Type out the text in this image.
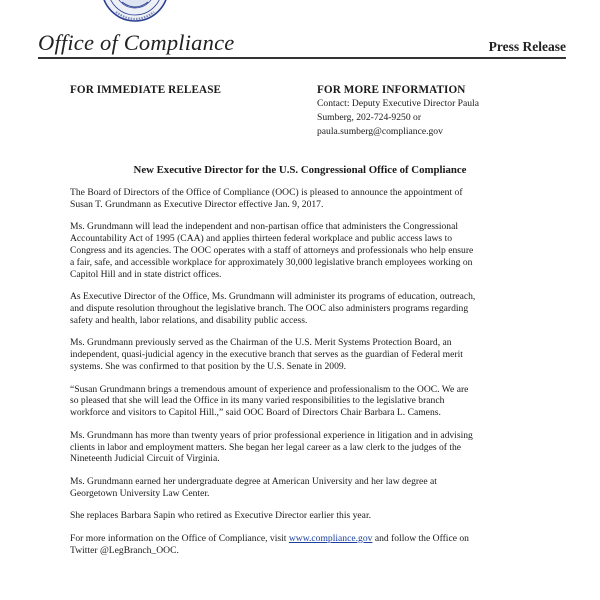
Office of Compliance	Press Release
FOR IMMEDIATE RELEASE	FOR MORE INFORMATION
Contact: Deputy Executive Director Paula
Sumberg, 202-724-9250 or
paula.sumberg@compliance.gov
New Executive Director for the U.S. Congressional Office of Compliance

The Board of Directors of the Office of Compliance (OOC) is pleased to announce the appointment of
Susan T. Grundmann as Executive Director effective Jan. 9, 2017.

Ms. Grundmann will lead the independent and non-partisan office that administers the Congressional
Accountability Act of 1995 (CAA) and applies thirteen federal workplace and public access laws to
Congress and its agencies. The OOC operates with a staff of attorneys and professionals who help ensure
a fair, safe, and accessible workplace for approximately 30,000 legislative branch employees working on
Capitol Hill and in state district offices.

As Executive Director of the Office, Ms. Grundmann will administer its programs of education, outreach,
and dispute resolution throughout the legislative branch. The OOC also administers programs regarding
safety and health, labor relations, and disability public access.

Ms. Grundmann previously served as the Chairman of the U.S. Merit Systems Protection Board, an
independent, quasi-judicial agency in the executive branch that serves as the guardian of Federal merit
systems. She was confirmed to that position by the U.S. Senate in 2009.

“Susan Grundmann brings a tremendous amount of experience and professionalism to the OOC. We are
so pleased that she will lead the Office in its many varied responsibilities to the legislative branch
workforce and visitors to Capitol Hill.,” said OOC Board of Directors Chair Barbara L. Camens.

Ms. Grundmann has more than twenty years of prior professional experience in litigation and in advising
clients in labor and employment matters. She began her legal career as a law clerk to the judges of the
Nineteenth Judicial Circuit of Virginia.

Ms. Grundmann earned her undergraduate degree at American University and her law degree at
Georgetown University Law Center.

She replaces Barbara Sapin who retired as Executive Director earlier this year.

For more information on the Office of Compliance, visit www.compliance.gov and follow the Office on
Twitter @LegBranch_OOC.
